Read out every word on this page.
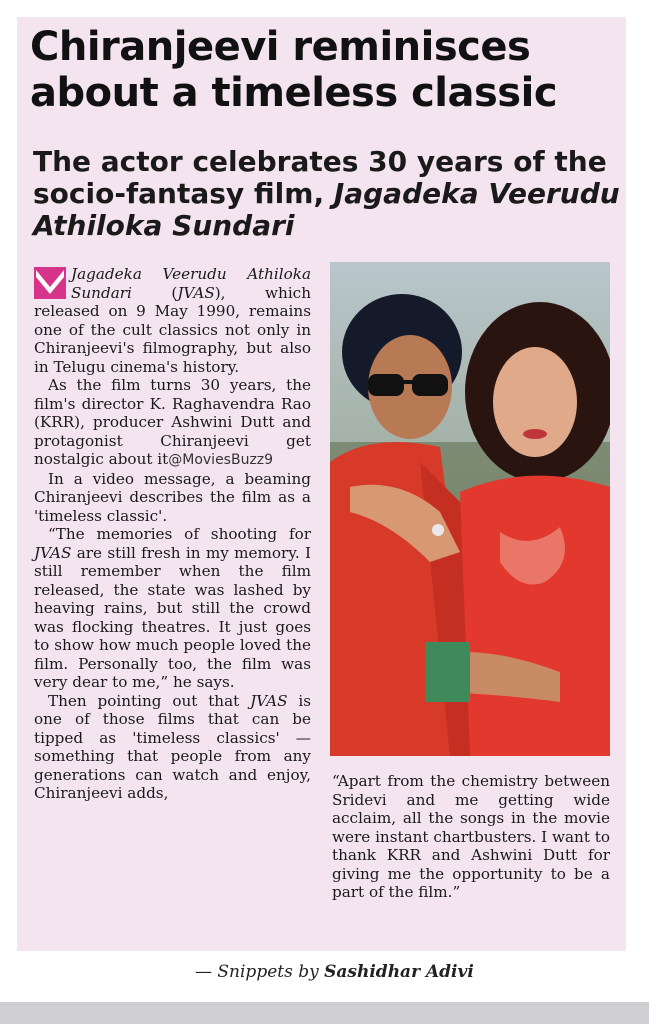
Chiranjeevi reminisces about a timeless classic
The actor celebrates 30 years of the socio-fantasy film, Jagadeka Veerudu Athiloka Sundari

Jagadeka Veerudu Athiloka Sundari (JVAS), which released on 9 May 1990, remains one of the cult classics not only in Chiranjeevi's filmography, but also in Telugu cinema's history.

As the film turns 30 years, the film's director K. Raghavendra Rao (KRR), producer Ashwini Dutt and protagonist Chiranjeevi get nostalgic about it@MoviesBuzz9

In a video message, a beaming Chiranjeevi describes the film as a 'timeless classic'.

“The memories of shooting for JVAS are still fresh in my memory. I still remember when the film released, the state was lashed by heaving rains, but still the crowd was flocking theatres. It just goes to show how much people loved the film. Personally too, the film was very dear to me,” he says.

Then pointing out that JVAS is one of those films that can be tipped as 'timeless classics' — something that people from any generations can watch and enjoy, Chiranjeevi adds,

“Apart from the chemistry between Sridevi and me getting wide acclaim, all the songs in the movie were instant chartbusters. I want to thank KRR and Ashwini Dutt for giving me the opportunity to be a part of the film.”

— Snippets by Sashidhar Adivi
